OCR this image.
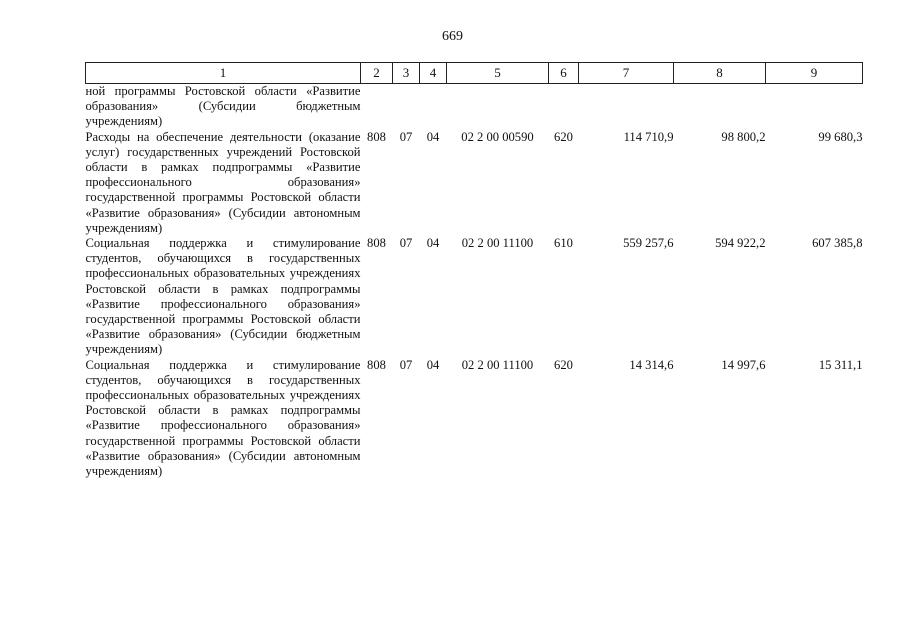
669
1	2	3	4	5	6	7	8	9
ной программы Ростовской области «Развитие образования» (Субсидии бюджетным учреждениям)								
Расходы на обеспечение деятельности (оказание услуг) государственных учреждений Ростовской области в рамках подпрограммы «Развитие профессионального образования» государственной программы Ростовской области «Развитие образования» (Субсидии автономным учреждениям)	808	07	04	02 2 00 00590	620	114 710,9	98 800,2	99 680,3
Социальная поддержка и стимулирование студентов, обучающихся в государственных профессиональных образовательных учреждениях Ростовской области в рамках подпрограммы «Развитие профессионального образования» государственной программы Ростовской области «Развитие образования» (Субсидии бюджетным учреждениям)	808	07	04	02 2 00 11100	610	559 257,6	594 922,2	607 385,8
Социальная поддержка и стимулирование студентов, обучающихся в государственных профессиональных образовательных учреждениях Ростовской области в рамках подпрограммы «Развитие профессионального образования» государственной программы Ростовской области «Развитие образования» (Субсидии автономным учреждениям)	808	07	04	02 2 00 11100	620	14 314,6	14 997,6	15 311,1
